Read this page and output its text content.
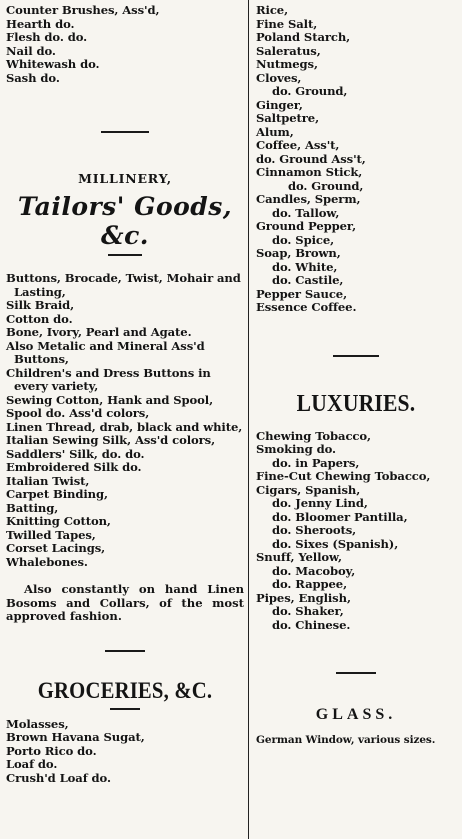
Counter Brushes, Ass'd,
Hearth do.
Flesh do. do.
Nail do.
Whitewash do.
Sash do.
MILLINERY,
Tailors' Goods, &c.
Buttons, Brocade, Twist, Mohair and Lasting,
Silk Braid,
Cotton do.
Bone, Ivory, Pearl and Agate.
Also Metalic and Mineral Ass'd Buttons,
Children's and Dress Buttons in every variety,
Sewing Cotton, Hank and Spool,
Spool do. Ass'd colors,
Linen Thread, drab, black and white,
Italian Sewing Silk, Ass'd colors,
Saddlers' Silk, do. do.
Embroidered Silk do.
Italian Twist,
Carpet Binding,
Batting,
Knitting Cotton,
Twilled Tapes,
Corset Lacings,
Whalebones.
Also constantly on hand Linen Bosoms and Collars, of the most approved fashion.
GROCERIES, &C.
Molasses,
Brown Havana Sugat,
Porto Rico do.
Loaf do.
Crush'd Loaf do.
Rice,
Fine Salt,
Poland Starch,
Saleratus,
Nutmegs,
Cloves,
do. Ground,
Ginger,
Saltpetre,
Alum,
Coffee, Ass't,
do. Ground Ass't,
Cinnamon Stick,
do. Ground,
Candles, Sperm,
do. Tallow,
Ground Pepper,
do. Spice,
Soap, Brown,
do. White,
do. Castile,
Pepper Sauce,
Essence Coffee.
LUXURIES.
Chewing Tobacco,
Smoking do.
do. in Papers,
Fine-Cut Chewing Tobacco,
Cigars, Spanish,
do. Jenny Lind,
do. Bloomer Pantilla,
do. Sheroots,
do. Sixes (Spanish),
Snuff, Yellow,
do. Macoboy,
do. Rappee,
Pipes, English,
do. Shaker,
do. Chinese.
GLASS.
German Window, various sizes.
